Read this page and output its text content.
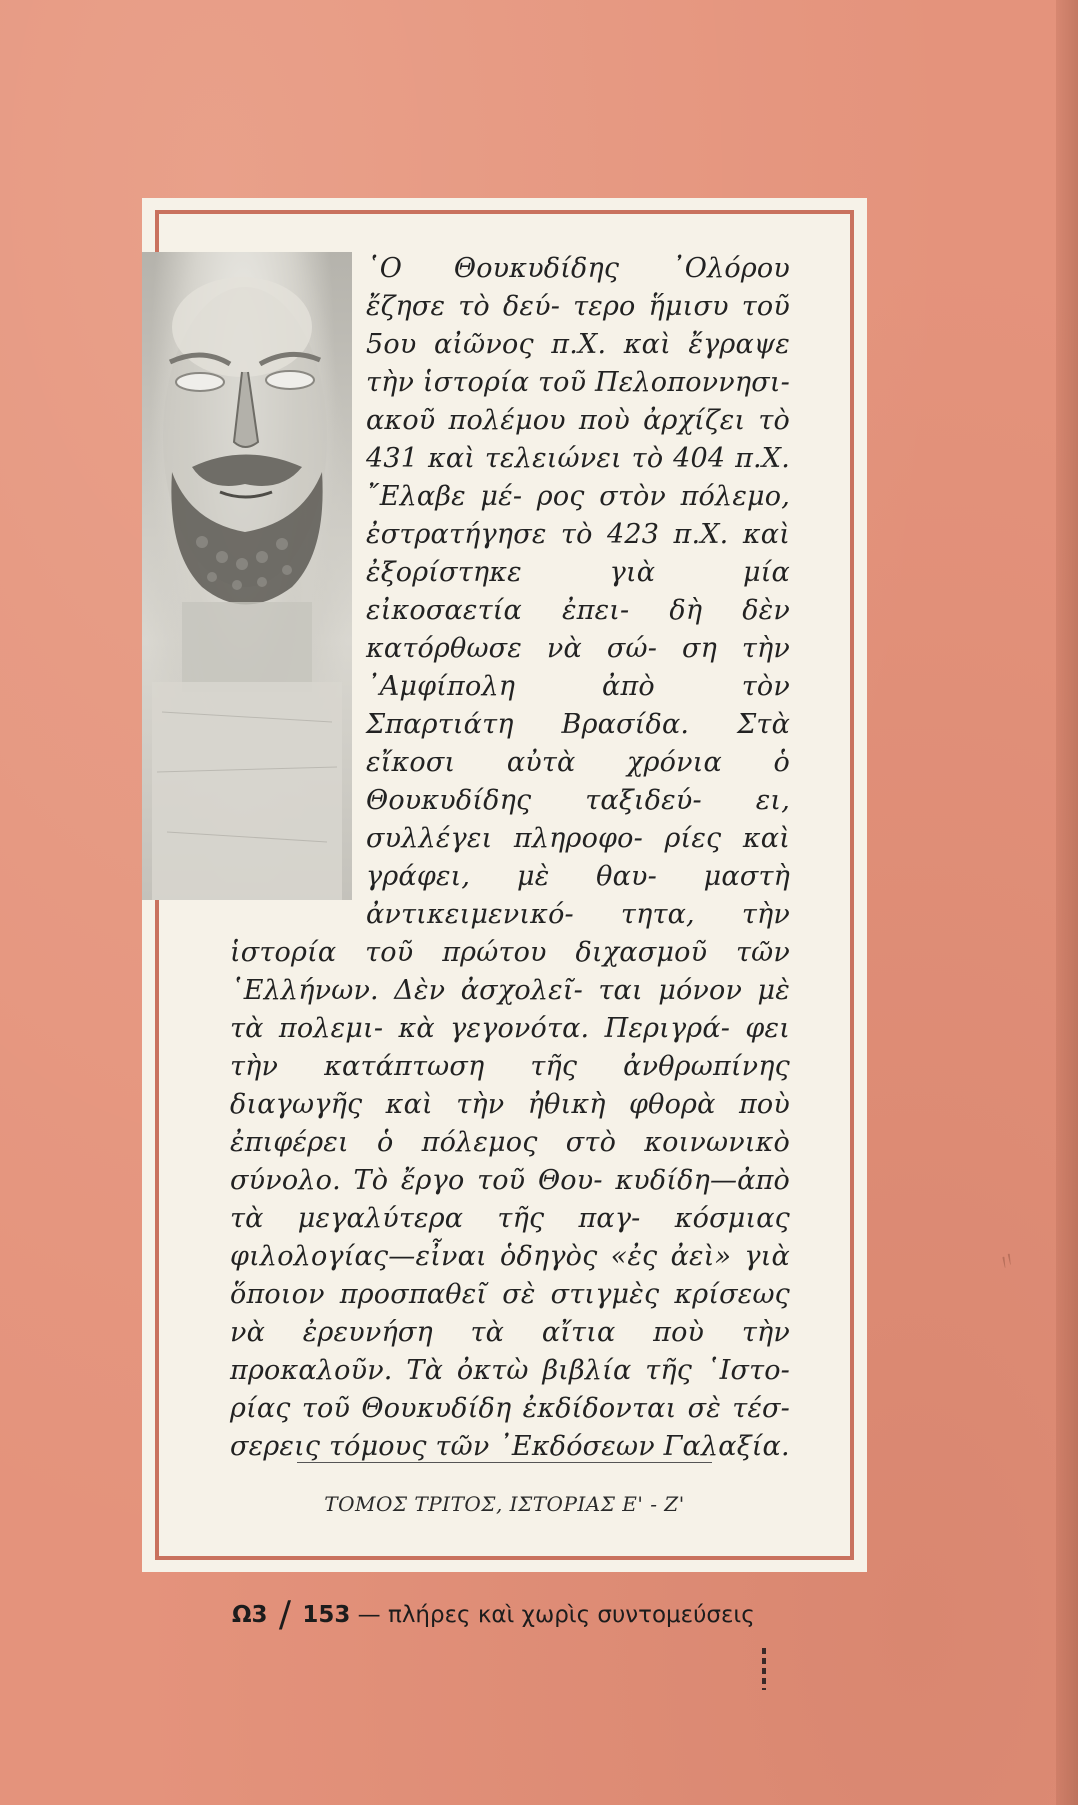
῾Ο Θουκυδίδης ᾿Ολόρου ἔζησε τὸ δεύ- τερο ἥμισυ τοῦ 5ου αἰῶνος π.Χ. καὶ ἔγραψε τὴν ἱστορία τοῦ Πελοποννησι- ακοῦ πολέμου ποὺ ἀρχίζει τὸ 431 καὶ τελειώνει τὸ 404 π.Χ. ῎Ελαβε μέ- ρος στὸν πόλεμο, ἐστρατήγησε τὸ 423 π.Χ. καὶ ἐξορίστηκε γιὰ μία εἰκοσαετία ἐπει- δὴ δὲν κατόρθωσε νὰ σώ- ση τὴν ᾿Αμφίπολη ἀπὸ τὸν Σπαρτιάτη Βρασίδα. Στὰ εἴκοσι αὐτὰ χρόνια ὁ Θουκυδίδης ταξιδεύ- ει, συλλέγει πληροφο- ρίες καὶ γράφει, μὲ θαυ- μαστὴ ἀντικειμενικό- τητα, τὴν ἱστορία τοῦ πρώτου διχασμοῦ τῶν ῾Ελλήνων. Δὲν ἀσχολεῖ- ται μόνον μὲ τὰ πολεμι- κὰ γεγονότα. Περιγρά- φει τὴν κατάπτωση τῆς ἀνθρωπίνης διαγωγῆς καὶ τὴν ἠθικὴ φθορὰ ποὺ ἐπιφέρει ὁ πόλεμος στὸ κοινωνικὸ σύνολο. Τὸ ἔργο τοῦ Θου- κυδίδη—ἀπὸ τὰ μεγαλύτερα τῆς παγ- κόσμιας φιλολογίας—εἶναι ὁδηγὸς «ἐς ἀεὶ» γιὰ ὅποιον προσπαθεῖ σὲ στιγμὲς κρίσεως νὰ ἐρευνήση τὰ αἴτια ποὺ τὴν προκαλοῦν. Τὰ ὀκτὼ βιβλία τῆς ῾Ιστο- ρίας τοῦ Θουκυδίδη ἐκδίδονται σὲ τέσ- σερεις τόμους τῶν ᾿Εκδόσεων Γαλαξία.
ΤΟΜΟΣ ΤΡΙΤΟΣ, ΙΣΤΟΡΙΑΣ Ε' - Ζ'
Ω3 / 153 — πλήρες καὶ χωρὶς συντομεύσεις
〃
